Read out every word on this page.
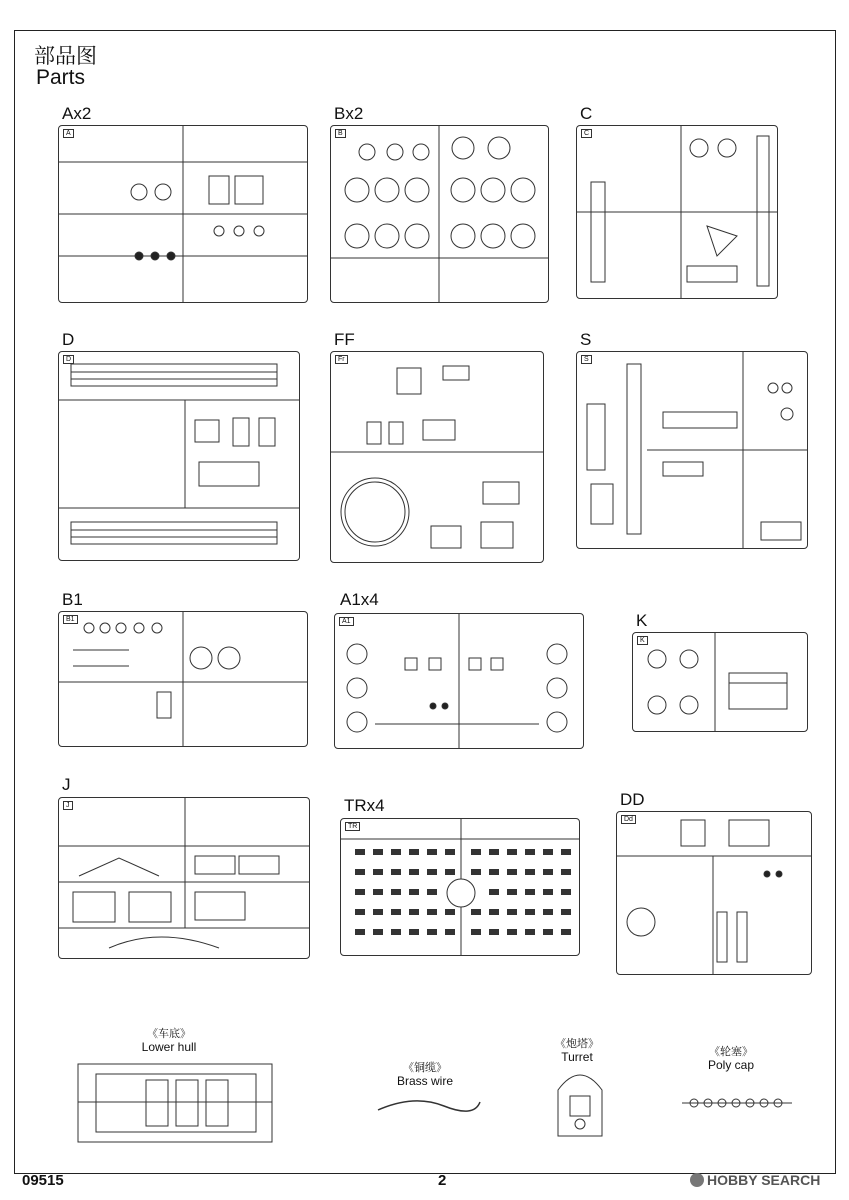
部品图
Parts
Ax2
A
Bx2
B
C
C
D
D
FF
Fr
S
S
B1
B1
A1x4
A1	K
K
J
J	TRx4
TR
DD
Dd
《车底》
Lower hull
《铜缆》
Brass wire
《炮塔》
Turret	《轮塞》
Poly cap
09515	2	HOBBY SEARCH
